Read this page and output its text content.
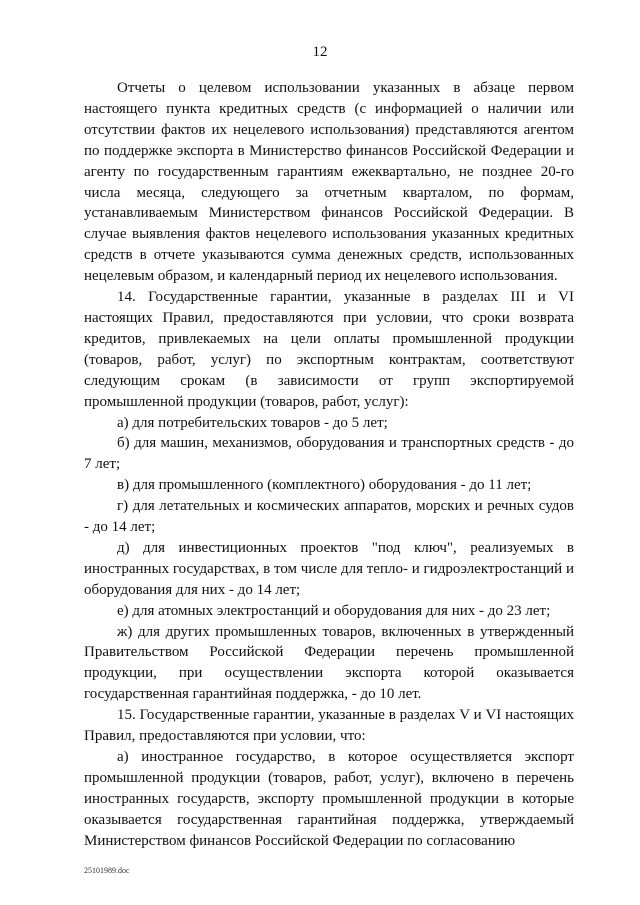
12

Отчеты о целевом использовании указанных в абзаце первом настоящего пункта кредитных средств (с информацией о наличии или отсутствии фактов их нецелевого использования) представляются агентом по поддержке экспорта в Министерство финансов Российской Федерации и агенту по государственным гарантиям ежеквартально, не позднее 20-го числа месяца, следующего за отчетным кварталом, по формам, устанавливаемым Министерством финансов Российской Федерации. В случае выявления фактов нецелевого использования указанных кредитных средств в отчете указываются сумма денежных средств, использованных нецелевым образом, и календарный период их нецелевого использования.

14. Государственные гарантии, указанные в разделах III и VI настоящих Правил, предоставляются при условии, что сроки возврата кредитов, привлекаемых на цели оплаты промышленной продукции (товаров, работ, услуг) по экспортным контрактам, соответствуют следующим срокам (в зависимости от групп экспортируемой промышленной продукции (товаров, работ, услуг):

а) для потребительских товаров - до 5 лет;

б) для машин, механизмов, оборудования и транспортных средств - до 7 лет;

в) для промышленного (комплектного) оборудования - до 11 лет;

г) для летательных и космических аппаратов, морских и речных судов - до 14 лет;

д) для инвестиционных проектов "под ключ", реализуемых в иностранных государствах, в том числе для тепло- и гидроэлектростанций и оборудования для них - до 14 лет;

е) для атомных электростанций и оборудования для них - до 23 лет;

ж) для других промышленных товаров, включенных в утвержденный Правительством Российской Федерации перечень промышленной продукции, при осуществлении экспорта которой оказывается государственная гарантийная поддержка, - до 10 лет.

15. Государственные гарантии, указанные в разделах V и VI настоящих Правил, предоставляются при условии, что:

а) иностранное государство, в которое осуществляется экспорт промышленной продукции (товаров, работ, услуг), включено в перечень иностранных государств, экспорту промышленной продукции в которые оказывается государственная гарантийная поддержка, утверждаемый Министерством финансов Российской Федерации по согласованию

25101989.doc
